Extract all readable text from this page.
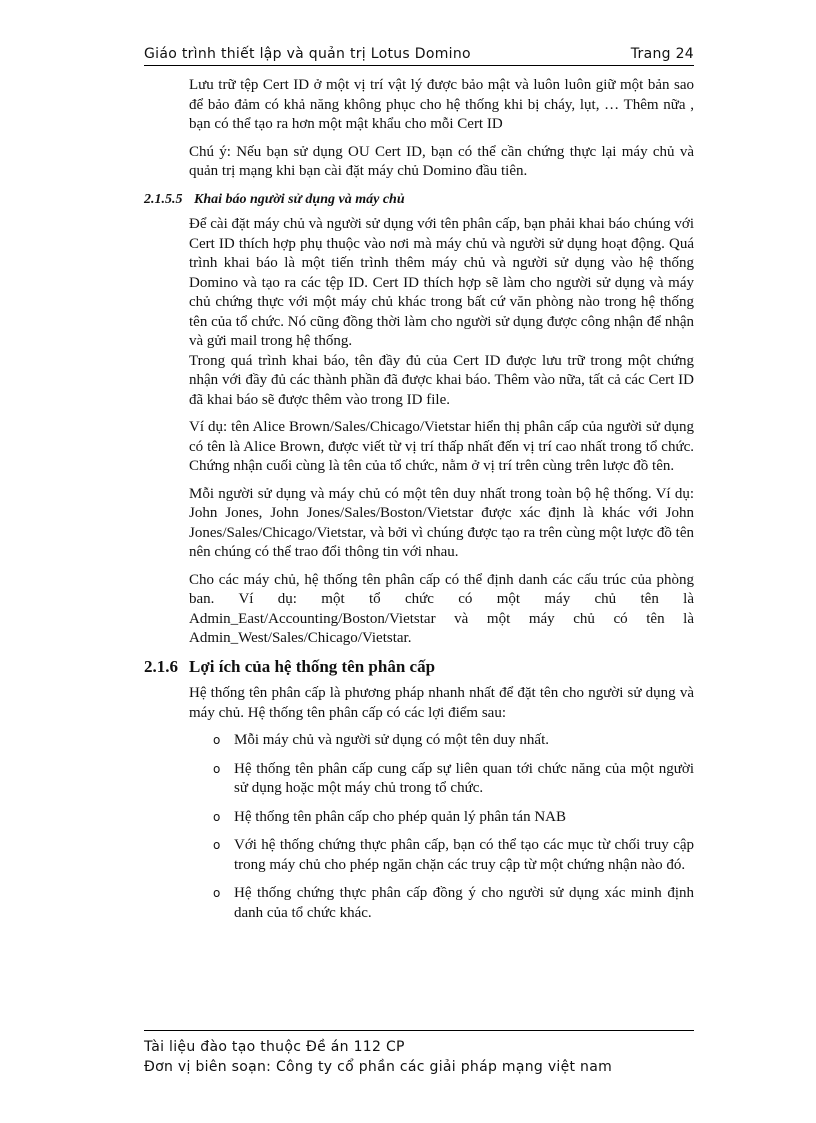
Giáo trình thiết lập và quản trị Lotus Domino	Trang 24

Lưu trữ tệp Cert ID ở một vị trí vật lý được bảo mật và luôn luôn giữ một bản sao để bảo đảm có khả năng không phục cho hệ thống khi bị cháy, lụt, … Thêm nữa , bạn có thể tạo ra hơn một mật khẩu cho mỗi Cert ID

Chú ý: Nếu bạn sử dụng OU Cert ID, bạn có thể cần chứng thực lại máy chủ và quản trị mạng khi bạn cài đặt máy chủ Domino đầu tiên.

2.1.5.5 Khai báo người sử dụng và máy chủ

Để cài đặt máy chủ và người sử dụng với tên phân cấp, bạn phải khai báo chúng với Cert ID thích hợp phụ thuộc vào nơi mà máy chủ và người sử dụng hoạt động. Quá trình khai báo là một tiến trình thêm máy chủ và người sử dụng vào hệ thống Domino và tạo ra các tệp ID. Cert ID thích hợp sẽ làm cho người sử dụng và máy chủ chứng thực với một máy chủ khác trong bất cứ văn phòng nào trong hệ thống tên của tổ chức. Nó cũng đồng thời làm cho người sử dụng được công nhận để nhận và gửi mail trong hệ thống.

Trong quá trình khai báo, tên đầy đủ của Cert ID được lưu trữ trong một chứng nhận với đầy đủ các thành phần đã được khai báo. Thêm vào nữa, tất cả các Cert ID đã khai báo sẽ được thêm vào trong ID file.

Ví dụ: tên Alice Brown/Sales/Chicago/Vietstar hiển thị phân cấp của người sử dụng có tên là Alice Brown, được viết từ vị trí thấp nhất đến vị trí cao nhất trong tổ chức. Chứng nhận cuối cùng là tên của tổ chức, nằm ở vị trí trên cùng trên lược đồ tên.

Mỗi người sử dụng và máy chủ có một tên duy nhất trong toàn bộ hệ thống. Ví dụ: John Jones, John Jones/Sales/Boston/Vietstar được xác định là khác với John Jones/Sales/Chicago/Vietstar, và bởi vì chúng được tạo ra trên cùng một lược đồ tên nên chúng có thể trao đổi thông tin với nhau.

Cho các máy chủ, hệ thống tên phân cấp có thể định danh các cấu trúc của phòng ban. Ví dụ: một tổ chức có một máy chủ tên là Admin_East/Accounting/Boston/Vietstar và một máy chủ có tên là Admin_West/Sales/Chicago/Vietstar.

2.1.6 Lợi ích của hệ thống tên phân cấp

Hệ thống tên phân cấp là phương pháp nhanh nhất để đặt tên cho người sử dụng và máy chủ. Hệ thống tên phân cấp có các lợi điểm sau:

o Mỗi máy chủ và người sử dụng có một tên duy nhất.
o Hệ thống tên phân cấp cung cấp sự liên quan tới chức năng của một người sử dụng hoặc một máy chủ trong tổ chức.
o Hệ thống tên phân cấp cho phép quản lý phân tán NAB
o Với hệ thống chứng thực phân cấp, bạn có thể tạo các mục từ chối truy cập trong máy chủ cho phép ngăn chặn các truy cập từ một chứng nhận nào đó.
o Hệ thống chứng thực phân cấp đồng ý cho người sử dụng xác minh định danh của tổ chức khác.
Tài liệu đào tạo thuộc Đề án 112 CP
Đơn vị biên soạn: Công ty cổ phần các giải pháp mạng việt nam
